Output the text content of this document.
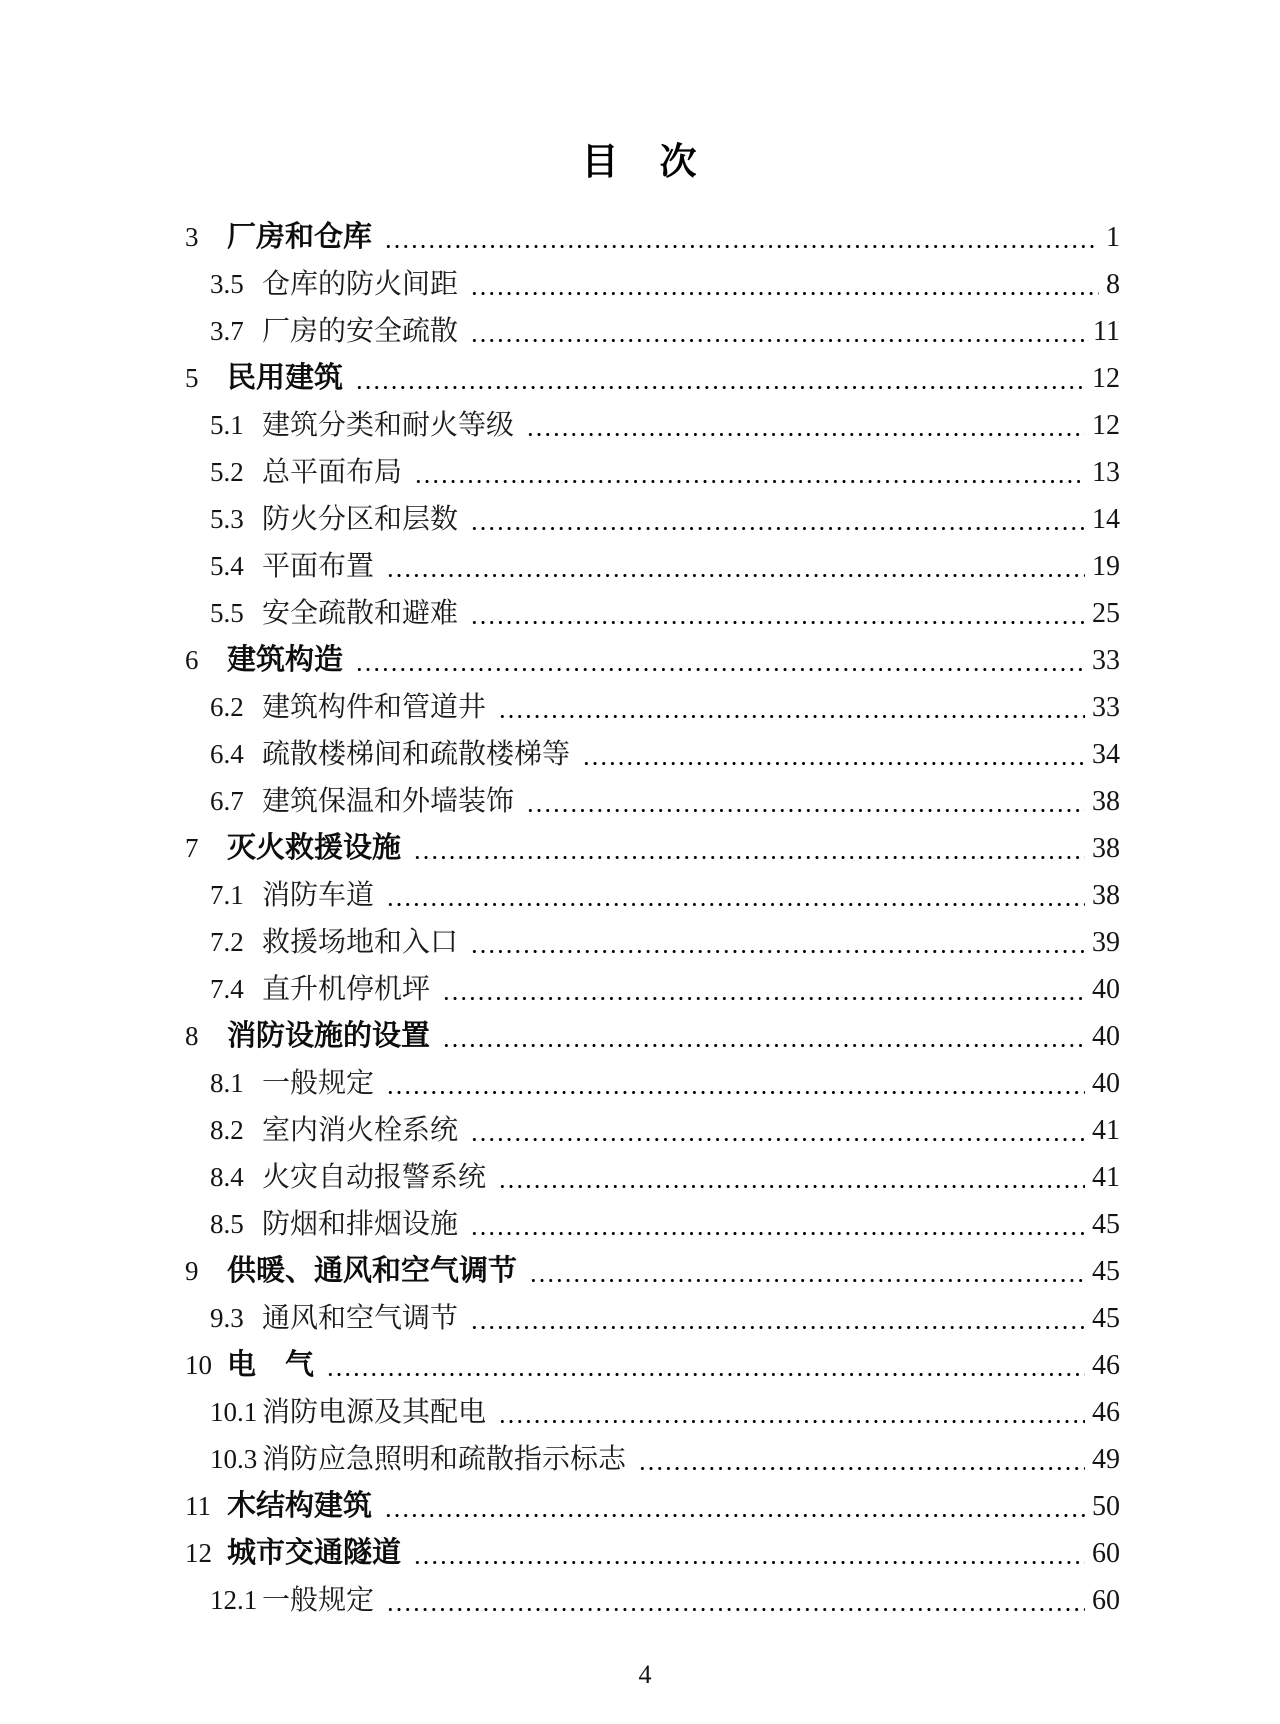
目　次
3 厂房和仓库	1
3.5 仓库的防火间距	8
3.7 厂房的安全疏散	11
5 民用建筑	12
5.1 建筑分类和耐火等级	12
5.2 总平面布局	13
5.3 防火分区和层数	14
5.4 平面布置	19
5.5 安全疏散和避难	25
6 建筑构造	33
6.2 建筑构件和管道井	33
6.4 疏散楼梯间和疏散楼梯等	34
6.7 建筑保温和外墙装饰	38
7 灭火救援设施	38
7.1 消防车道	38
7.2 救援场地和入口	39
7.4 直升机停机坪	40
8 消防设施的设置	40
8.1 一般规定	40
8.2 室内消火栓系统	41
8.4 火灾自动报警系统	41
8.5 防烟和排烟设施	45
9 供暖、通风和空气调节	45
9.3 通风和空气调节	45
10 电　气	46
10.1 消防电源及其配电	46
10.3 消防应急照明和疏散指示标志	49
11 木结构建筑	50
12 城市交通隧道	60
12.1 一般规定	60
4
